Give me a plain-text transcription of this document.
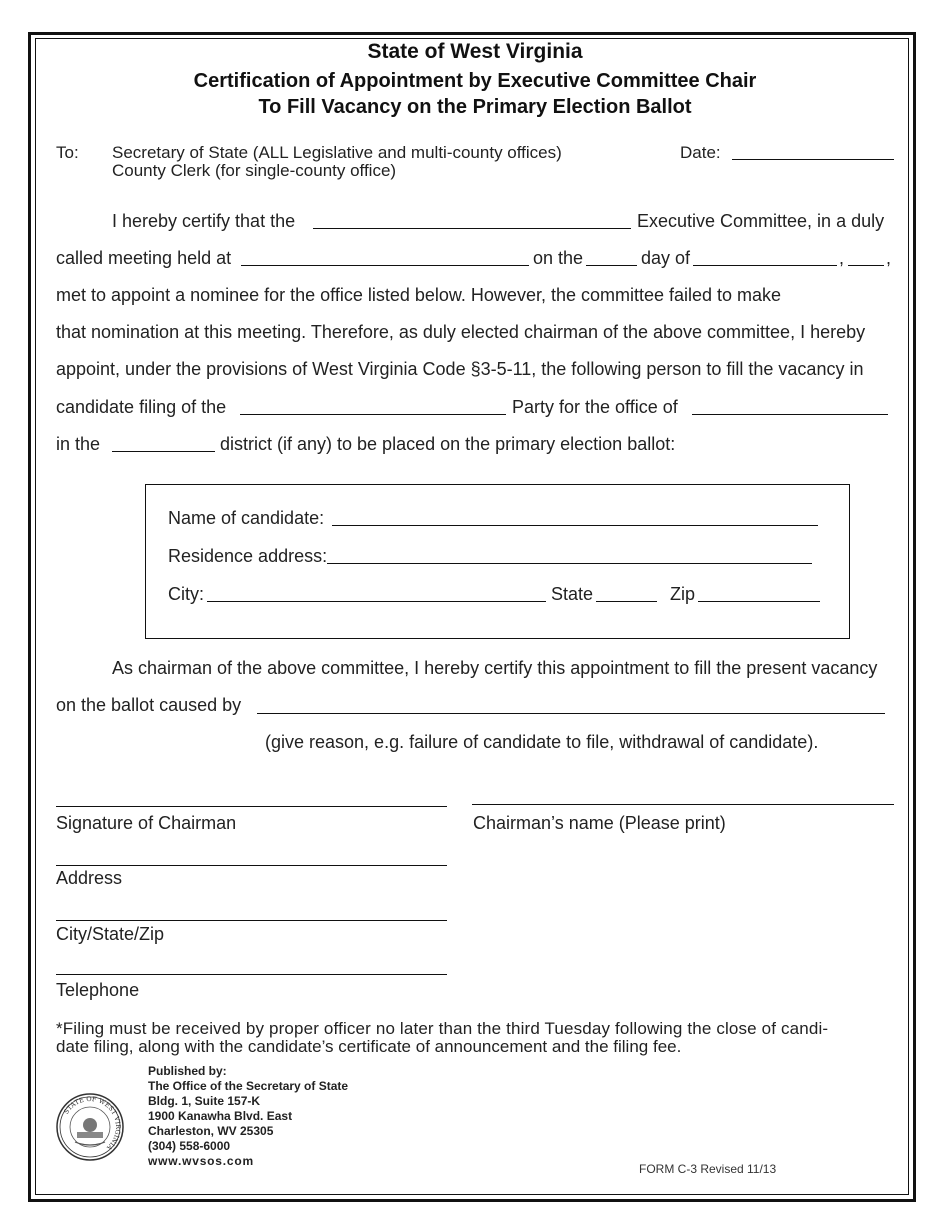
State of West Virginia
Certification of Appointment by Executive Committee Chair
To Fill Vacancy on the Primary Election Ballot
To: Secretary of State (ALL Legislative and multi-county offices)
County Clerk (for single-county office)
Date:
I hereby certify that the	Executive Committee, in a duly
called meeting held at	on the	day of	, ,
met to appoint a nominee for the office listed below. However, the committee failed to make
that nomination at this meeting. Therefore, as duly elected chairman of the above committee, I hereby
appoint, under the provisions of West Virginia Code §3-5-11, the following person to fill the vacancy in
candidate filing of the	Party for the office of
in the	district (if any) to be placed on the primary election ballot:
Name of candidate:
Residence address:
City:	State	Zip
As chairman of the above committee, I hereby certify this appointment to fill the present vacancy
on the ballot caused by
(give reason, e.g. failure of candidate to file, withdrawal of candidate).
Signature of Chairman	Chairman’s name (Please print)
Address
City/State/Zip
Telephone
*Filing must be received by proper officer no later than the third Tuesday following the close of candi-
date filing, along with the candidate’s certificate of announcement and the filing fee.
STATE OF WEST VIRGINIA
Published by:
The Office of the Secretary of State
Bldg. 1, Suite 157-K
1900 Kanawha Blvd. East
Charleston, WV 25305
(304) 558-6000
www.wvsos.com
FORM C-3 Revised 11/13
